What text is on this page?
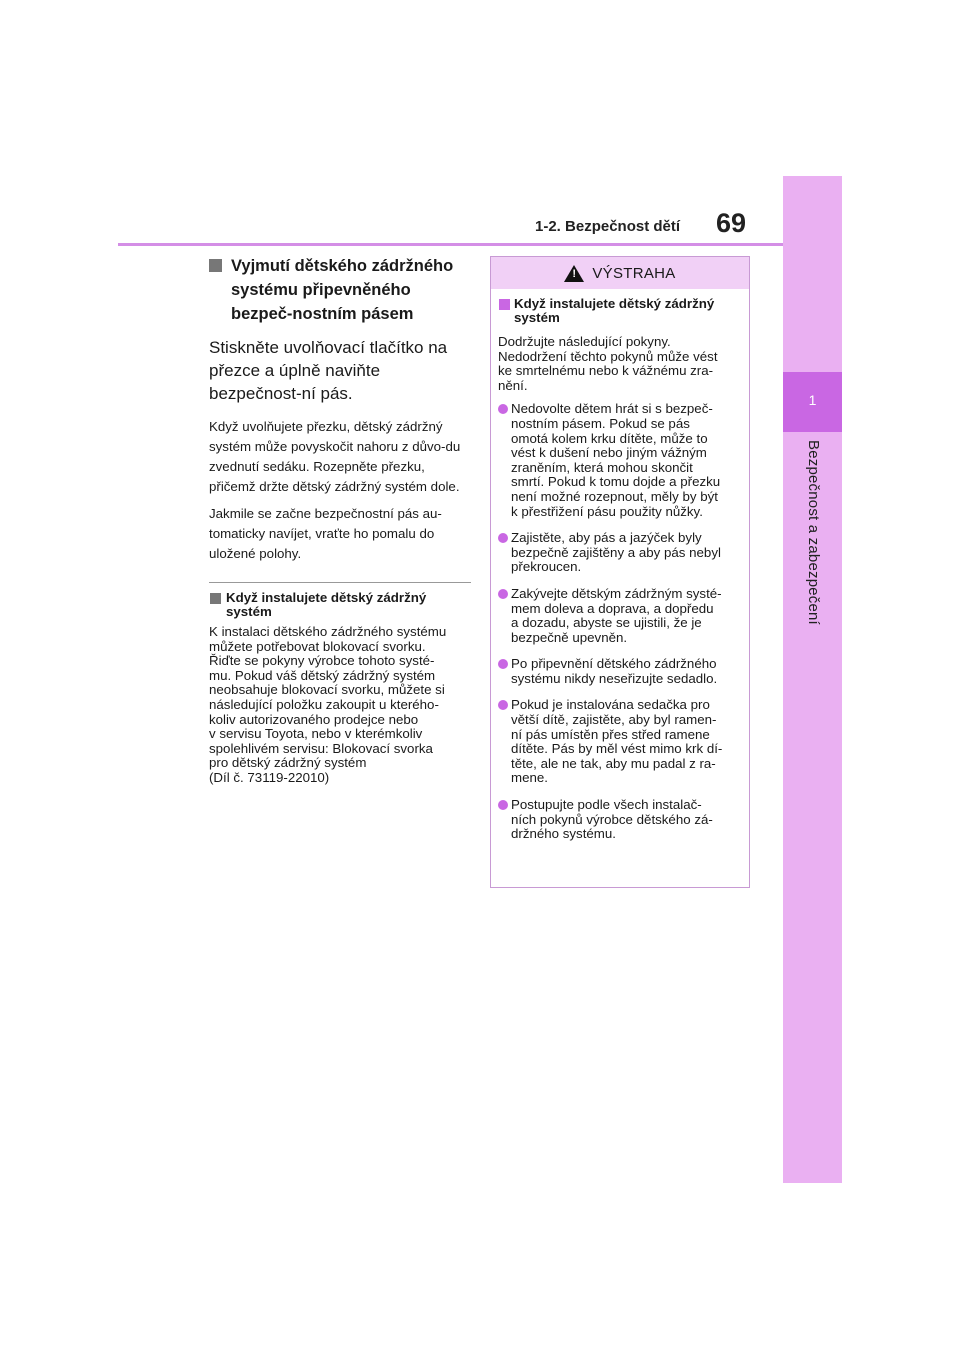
1
Bezpečnost a zabezpečení
1-2. Bezpečnost dětí 69
Vyjmutí dětského zádržného systému připevněného bezpeč-nostním pásem

Stiskněte uvolňovací tlačítko na přezce a úplně naviňte bezpečnost-ní pás.

Když uvolňujete přezku, dětský zádržný systém může povyskočit nahoru z důvo-du zvednutí sedáku. Rozepněte přezku, přičemž držte dětský zádržný systém dole.

Jakmile se začne bezpečnostní pás au-tomaticky navíjet, vraťte ho pomalu do uložené polohy.

Když instalujete dětský zádržný systém
K instalaci dětského zádržného systému
můžete potřebovat blokovací svorku.
Řiďte se pokyny výrobce tohoto systé-
mu. Pokud váš dětský zádržný systém
neobsahuje blokovací svorku, můžete si
následující položku zakoupit u kterého-
koliv autorizovaného prodejce nebo
v servisu Toyota, nebo v kterémkoliv
spolehlivém servisu: Blokovací svorka
pro dětský zádržný systém
(Díl č. 73119-22010)
! VÝSTRAHA
Když instalujete dětský zádržný systém
Dodržujte následující pokyny.
Nedodržení těchto pokynů může vést
ke smrtelnému nebo k vážnému zra-
nění.
Nedovolte dětem hrát si s bezpeč-
nostním pásem. Pokud se pás
omotá kolem krku dítěte, může to
vést k dušení nebo jiným vážným
zraněním, která mohou skončit
smrtí. Pokud k tomu dojde a přezku
není možné rozepnout, měly by být
k přestřižení pásu použity nůžky.
Zajistěte, aby pás a jazýček byly
bezpečně zajištěny a aby pás nebyl
překroucen.
Zakývejte dětským zádržným systé-
mem doleva a doprava, a dopředu
a dozadu, abyste se ujistili, že je
bezpečně upevněn.
Po připevnění dětského zádržného
systému nikdy neseřizujte sedadlo.
Pokud je instalována sedačka pro
větší dítě, zajistěte, aby byl ramen-
ní pás umístěn přes střed ramene
dítěte. Pás by měl vést mimo krk dí-
těte, ale ne tak, aby mu padal z ra-
mene.
Postupujte podle všech instalač-
ních pokynů výrobce dětského zá-
držného systému.
